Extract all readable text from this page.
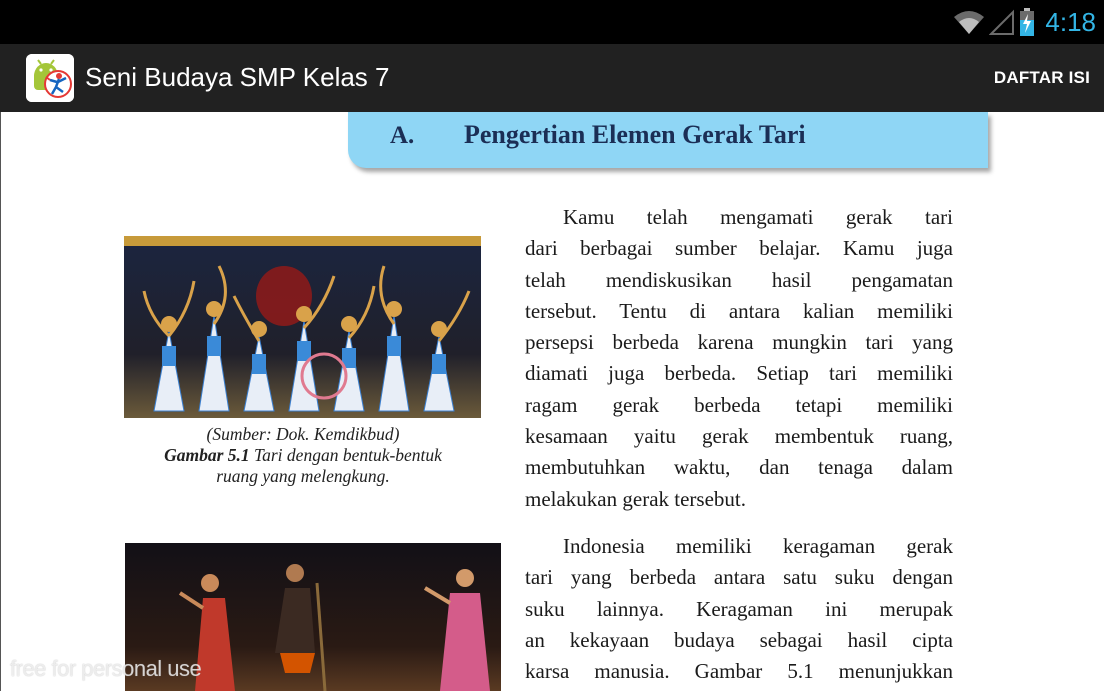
4:18
Seni Budaya SMP Kelas 7	DAFTAR ISI
A. Pengertian Elemen Gerak Tari
Kamu telah mengamati gerak tari
dari berbagai sumber belajar. Kamu juga
telah mendiskusikan hasil pengamatan
tersebut. Tentu di antara kalian memiliki
persepsi berbeda karena mungkin tari yang
diamati juga berbeda. Setiap tari memiliki
ragam gerak berbeda tetapi memiliki
kesamaan yaitu gerak membentuk ruang,
membutuhkan waktu, dan tenaga dalam
melakukan gerak tersebut.
Indonesia memiliki keragaman gerak
tari yang berbeda antara satu suku dengan
suku lainnya. Keragaman ini merupak
an kekayaan budaya sebagai hasil cipta
karsa manusia. Gambar 5.1 menunjukkan
(Sumber: Dok. Kemdikbud)
Gambar 5.1 Tari dengan bentuk-bentuk
ruang yang melengkung.
free for personal use
